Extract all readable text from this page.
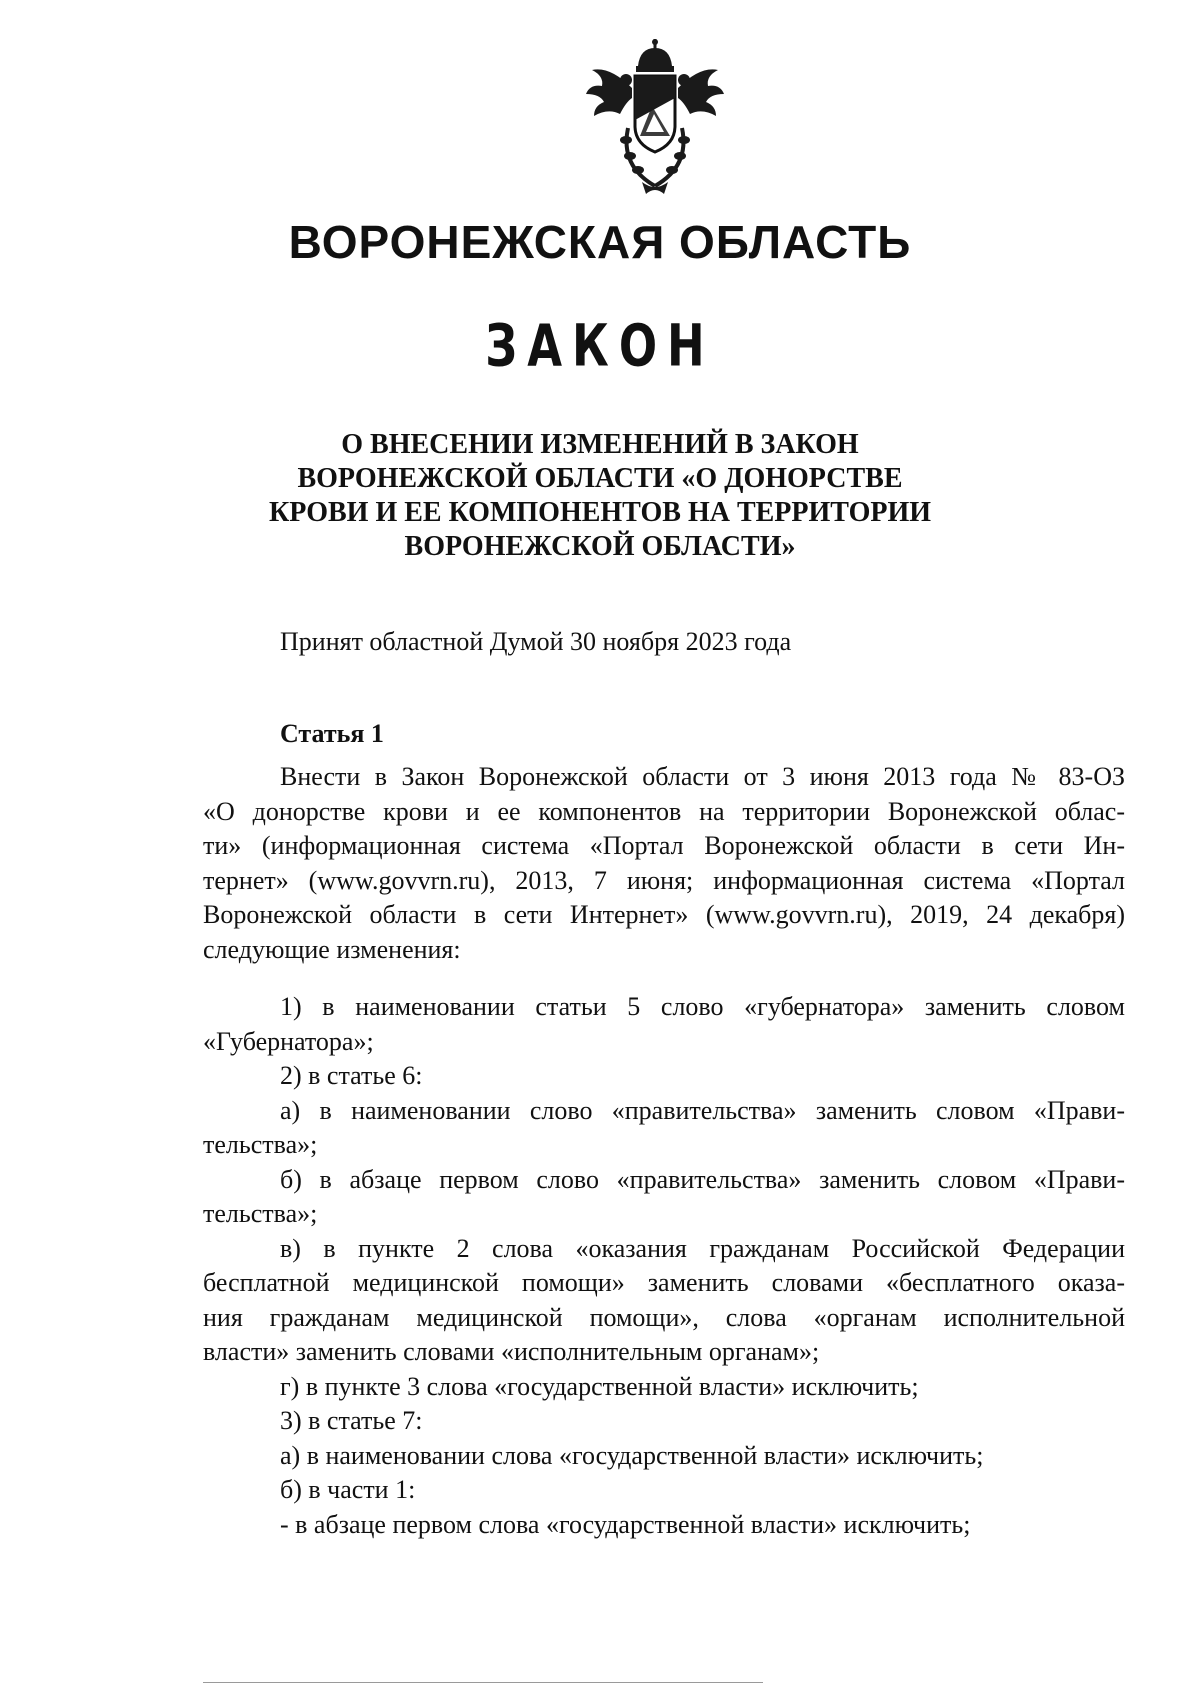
ВОРОНЕЖСКАЯ ОБЛАСТЬ
ЗАКОН
О ВНЕСЕНИИ ИЗМЕНЕНИЙ В ЗАКОН
ВОРОНЕЖСКОЙ ОБЛАСТИ «О ДОНОРСТВЕ
КРОВИ И ЕЕ КОМПОНЕНТОВ НА ТЕРРИТОРИИ
ВОРОНЕЖСКОЙ ОБЛАСТИ»
Принят областной Думой 30 ноября 2023 года
Статья 1
Внести в Закон Воронежской области от 3 июня 2013 года № 83-ОЗ
«О донорстве крови и ее компонентов на территории Воронежской облас-
ти» (информационная система «Портал Воронежской области в сети Ин-
тернет» (www.govvrn.ru), 2013, 7 июня; информационная система «Портал
Воронежской области в сети Интернет» (www.govvrn.ru), 2019, 24 декабря)
следующие изменения:
1) в наименовании статьи 5 слово «губернатора» заменить словом
«Губернатора»;
2) в статье 6:
а) в наименовании слово «правительства» заменить словом «Прави-
тельства»;
б) в абзаце первом слово «правительства» заменить словом «Прави-
тельства»;
в) в пункте 2 слова «оказания гражданам Российской Федерации
бесплатной медицинской помощи» заменить словами «бесплатного оказа-
ния гражданам медицинской помощи», слова «органам исполнительной
власти» заменить словами «исполнительным органам»;
г) в пункте 3 слова «государственной власти» исключить;
3) в статье 7:
а) в наименовании слова «государственной власти» исключить;
б) в части 1:
- в абзаце первом слова «государственной власти» исключить;
